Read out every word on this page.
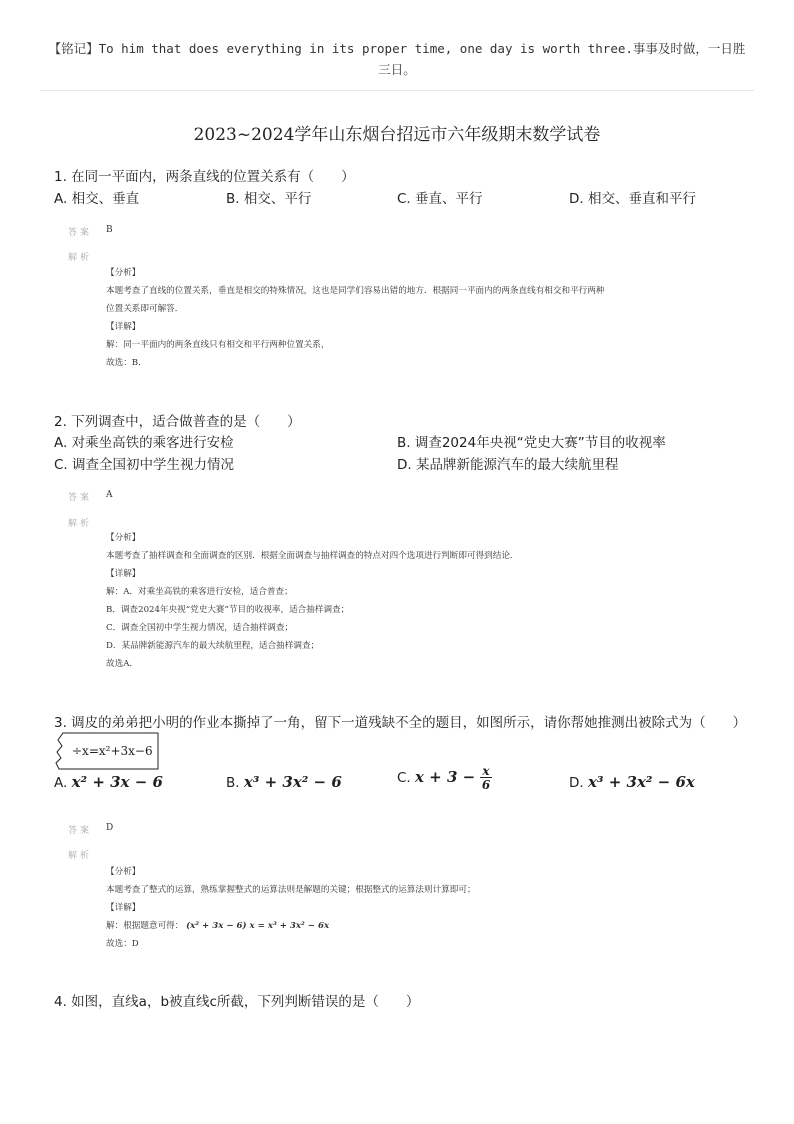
【铭记】To him that does everything in its proper time, one day is worth three.事事及时做，一日胜
三日。
2023~2024学年山东烟台招远市六年级期末数学试卷
1. 在同一平面内，两条直线的位置关系有（　　）
A. 相交、垂直	B. 相交、平行	C. 垂直、平行	D. 相交、垂直和平行
答案 B
解析
【分析】
本题考查了直线的位置关系，垂直是相交的特殊情况，这也是同学们容易出错的地方．根据同一平面内的两条直线有相交和平行两种
位置关系即可解答．
【详解】
解：同一平面内的两条直线只有相交和平行两种位置关系，
故选：B．
2. 下列调查中，适合做普查的是（　　）
A. 对乘坐高铁的乘客进行安检	B. 调查2024年央视“党史大赛”节目的收视率
C. 调查全国初中学生视力情况	D. 某品牌新能源汽车的最大续航里程
答案 A
解析
【分析】
本题考查了抽样调查和全面调查的区别．根据全面调查与抽样调查的特点对四个选项进行判断即可得到结论．
【详解】
解：A．对乘坐高铁的乘客进行安检，适合普查；
B．调查2024年央视“党史大赛”节目的收视率，适合抽样调查；
C．调查全国初中学生视力情况，适合抽样调查；
D．某品牌新能源汽车的最大续航里程，适合抽样调查；
故选A．
3. 调皮的弟弟把小明的作业本撕掉了一角，留下一道残缺不全的题目，如图所示，请你帮她推测出被除式为（　　）
÷x=x²+3x−6
A. x² + 3x − 6	B. x³ + 3x² − 6	C. $x + 3 - \frac{x}{6}$	D. x³ + 3x² − 6x
答案 D
解析
【分析】
本题考查了整式的运算，熟练掌握整式的运算法则是解题的关键；根据整式的运算法则计算即可；
【详解】
解：根据题意可得： (x² + 3x − 6) x = x³ + 3x² − 6x
故选：D
4. 如图，直线a，b被直线c所截，下列判断错误的是（　　）
